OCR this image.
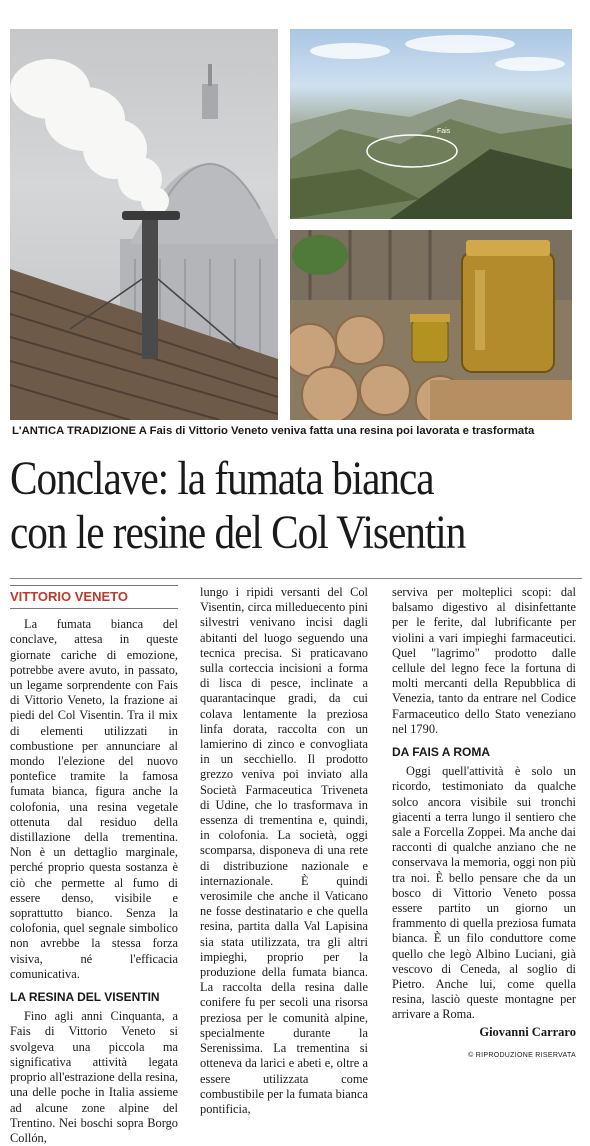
Fais
L'ANTICA TRADIZIONE A Fais di Vittorio Veneto veniva fatta una resina poi lavorata e trasformata
Conclave: la fumata bianca
con le resine del Col Visentin
VITTORIO VENETO

La fumata bianca del conclave, attesa in queste giornate cariche di emozione, potrebbe avere avuto, in passato, un legame sorprendente con Fais di Vittorio Veneto, la frazione ai piedi del Col Visentin. Tra il mix di elementi utilizzati in combustione per annunciare al mondo l'elezione del nuovo pontefice tramite la famosa fumata bianca, figura anche la colofonia, una resina vegetale ottenuta dal residuo della distillazione della trementina. Non è un dettaglio marginale, perché proprio questa sostanza è ciò che permette al fumo di essere denso, visibile e soprattutto bianco. Senza la colofonia, quel segnale simbolico non avrebbe la stessa forza visiva, né l'efficacia comunicativa.

LA RESINA DEL VISENTIN

Fino agli anni Cinquanta, a Fais di Vittorio Veneto si svolgeva una piccola ma significativa attività legata proprio all'estrazione della resina, una delle poche in Italia assieme ad alcune zone alpine del Trentino. Nei boschi sopra Borgo Collón,

lungo i ripidi versanti del Col Visentin, circa milleduecento pini silvestri venivano incisi dagli abitanti del luogo seguendo una tecnica precisa. Si praticavano sulla corteccia incisioni a forma di lisca di pesce, inclinate a quarantacinque gradi, da cui colava lentamente la preziosa linfa dorata, raccolta con un lamierino di zinco e convogliata in un secchiello. Il prodotto grezzo veniva poi inviato alla Società Farmaceutica Triveneta di Udine, che lo trasformava in essenza di trementina e, quindi, in colofonia. La società, oggi scomparsa, disponeva di una rete di distribuzione nazionale e internazionale. È quindi verosimile che anche il Vaticano ne fosse destinatario e che quella resina, partita dalla Val Lapisina sia stata utilizzata, tra gli altri impieghi, proprio per la produzione della fumata bianca. La raccolta della resina dalle conifere fu per secoli una risorsa preziosa per le comunità alpine, specialmente durante la Serenissima. La trementina si otteneva da larici e abeti e, oltre a essere utilizzata come combustibile per la fumata bianca pontificia,

serviva per molteplici scopi: dal balsamo digestivo al disinfettante per le ferite, dal lubrificante per violini a vari impieghi farmaceutici. Quel "lagrimo" prodotto dalle cellule del legno fece la fortuna di molti mercanti della Repubblica di Venezia, tanto da entrare nel Codice Farmaceutico dello Stato veneziano nel 1790.

DA FAIS A ROMA

Oggi quell'attività è solo un ricordo, testimoniato da qualche solco ancora visibile sui tronchi giacenti a terra lungo il sentiero che sale a Forcella Zoppei. Ma anche dai racconti di qualche anziano che ne conservava la memoria, oggi non più tra noi. È bello pensare che da un bosco di Vittorio Veneto possa essere partito un giorno un frammento di quella preziosa fumata bianca. È un filo conduttore come quello che legò Albino Luciani, già vescovo di Ceneda, al soglio di Pietro. Anche lui, come quella resina, lasciò queste montagne per arrivare a Roma.

Giovanni Carraro
© RIPRODUZIONE RISERVATA
